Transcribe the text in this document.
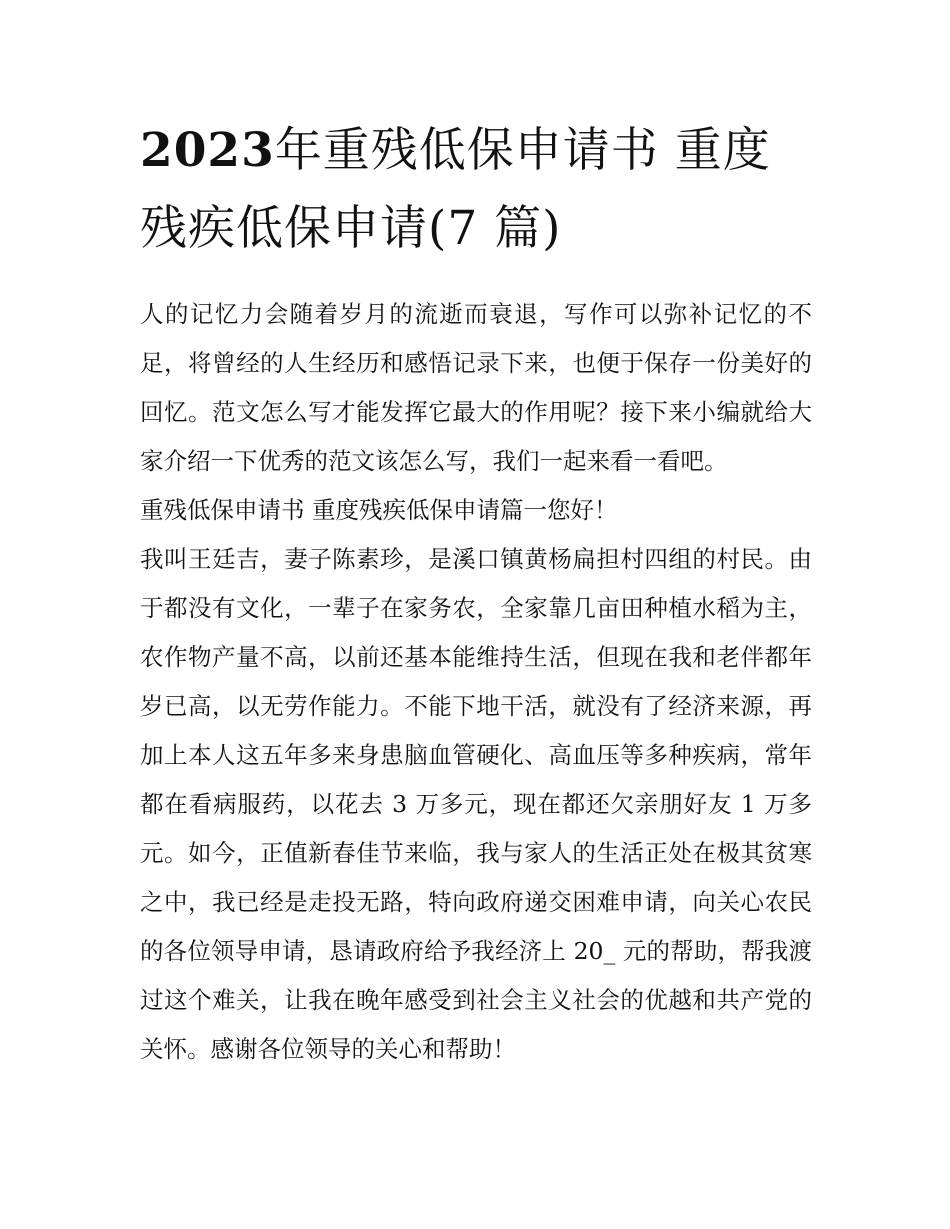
2023年重残低保申请书 重度残疾低保申请(7 篇)

人的记忆力会随着岁月的流逝而衰退，写作可以弥补记忆的不足，将曾经的人生经历和感悟记录下来，也便于保存一份美好的回忆。范文怎么写才能发挥它最大的作用呢？接下来小编就给大家介绍一下优秀的范文该怎么写，我们一起来看一看吧。

重残低保申请书 重度残疾低保申请篇一您好！

我叫王廷吉，妻子陈素珍，是溪口镇黄杨扁担村四组的村民。由于都没有文化，一辈子在家务农，全家靠几亩田种植水稻为主，农作物产量不高，以前还基本能维持生活，但现在我和老伴都年岁已高，以无劳作能力。不能下地干活，就没有了经济来源，再加上本人这五年多来身患脑血管硬化、高血压等多种疾病，常年都在看病服药，以花去 3 万多元，现在都还欠亲朋好友 1 万多元。如今，正值新春佳节来临，我与家人的生活正处在极其贫寒之中，我已经是走投无路，特向政府递交困难申请，向关心农民的各位领导申请，恳请政府给予我经济上 20_ 元的帮助，帮我渡过这个难关，让我在晚年感受到社会主义社会的优越和共产党的关怀。感谢各位领导的关心和帮助！
